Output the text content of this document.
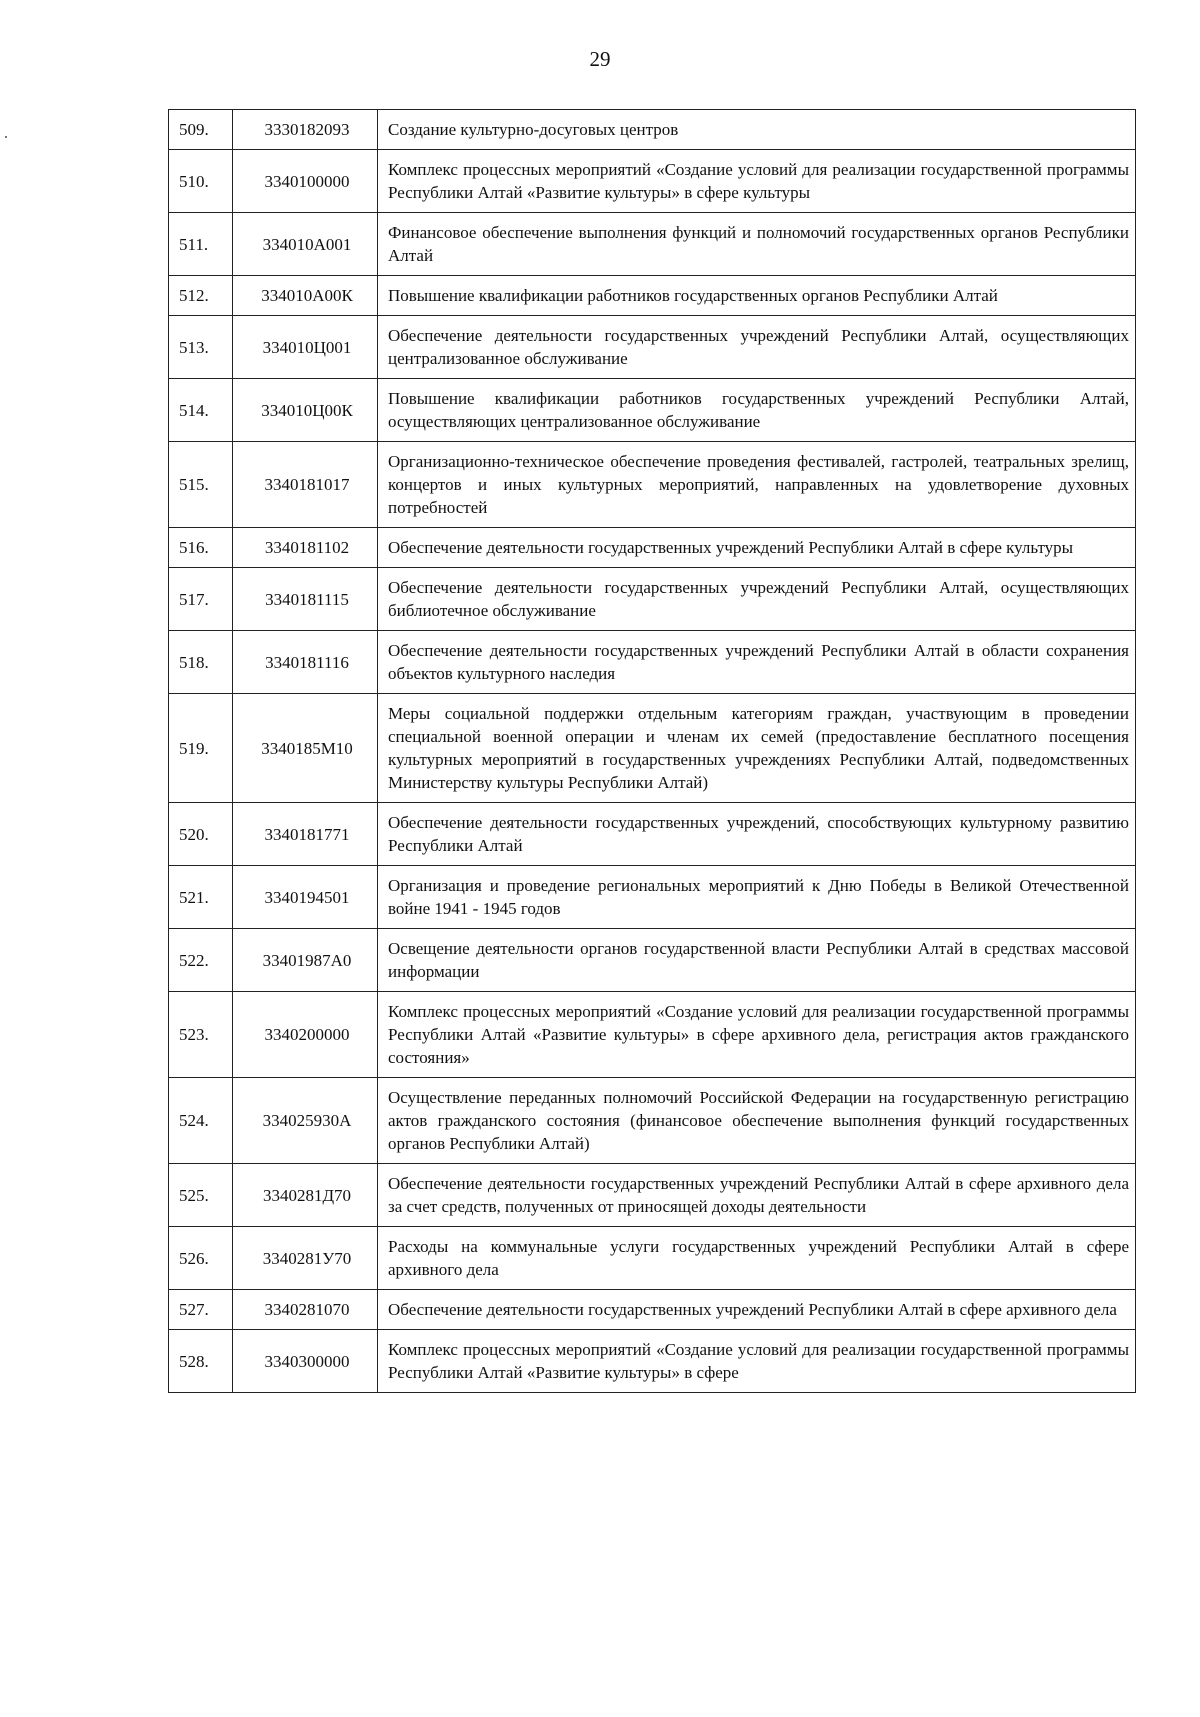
29
509.	3330182093	Создание культурно-досуговых центров
510.	3340100000	Комплекс процессных мероприятий «Создание условий для реализации государственной программы Республики Алтай «Развитие культуры» в сфере культуры
511.	334010А001	Финансовое обеспечение выполнения функций и полномочий государственных органов Республики Алтай
512.	334010А00К	Повышение квалификации работников государственных органов Республики Алтай
513.	334010Ц001	Обеспечение деятельности государственных учреждений Республики Алтай, осуществляющих централизованное обслуживание
514.	334010Ц00К	Повышение квалификации работников государственных учреждений Республики Алтай, осуществляющих централизованное обслуживание
515.	3340181017	Организационно-техническое обеспечение проведения фестивалей, гастролей, театральных зрелищ, концертов и иных культурных мероприятий, направленных на удовлетворение духовных потребностей
516.	3340181102	Обеспечение деятельности государственных учреждений Республики Алтай в сфере культуры
517.	3340181115	Обеспечение деятельности государственных учреждений Республики Алтай, осуществляющих библиотечное обслуживание
518.	3340181116	Обеспечение деятельности государственных учреждений Республики Алтай в области сохранения объектов культурного наследия
519.	3340185М10	Меры социальной поддержки отдельным категориям граждан, участвующим в проведении специальной военной операции и членам их семей (предоставление бесплатного посещения культурных мероприятий в государственных учреждениях Республики Алтай, подведомственных Министерству культуры Республики Алтай)
520.	3340181771	Обеспечение деятельности государственных учреждений, способствующих культурному развитию Республики Алтай
521.	3340194501	Организация и проведение региональных мероприятий к Дню Победы в Великой Отечественной войне 1941 - 1945 годов
522.	33401987А0	Освещение деятельности органов государственной власти Республики Алтай в средствах массовой информации
523.	3340200000	Комплекс процессных мероприятий «Создание условий для реализации государственной программы Республики Алтай «Развитие культуры» в сфере архивного дела, регистрация актов гражданского состояния»
524.	334025930А	Осуществление переданных полномочий Российской Федерации на государственную регистрацию актов гражданского состояния (финансовое обеспечение выполнения функций государственных органов Республики Алтай)
525.	3340281Д70	Обеспечение деятельности государственных учреждений Республики Алтай в сфере архивного дела за счет средств, полученных от приносящей доходы деятельности
526.	3340281У70	Расходы на коммунальные услуги государственных учреждений Республики Алтай в сфере архивного дела
527.	3340281070	Обеспечение деятельности государственных учреждений Республики Алтай в сфере архивного дела
528.	3340300000	Комплекс процессных мероприятий «Создание условий для реализации государственной программы Республики Алтай «Развитие культуры» в сфере
